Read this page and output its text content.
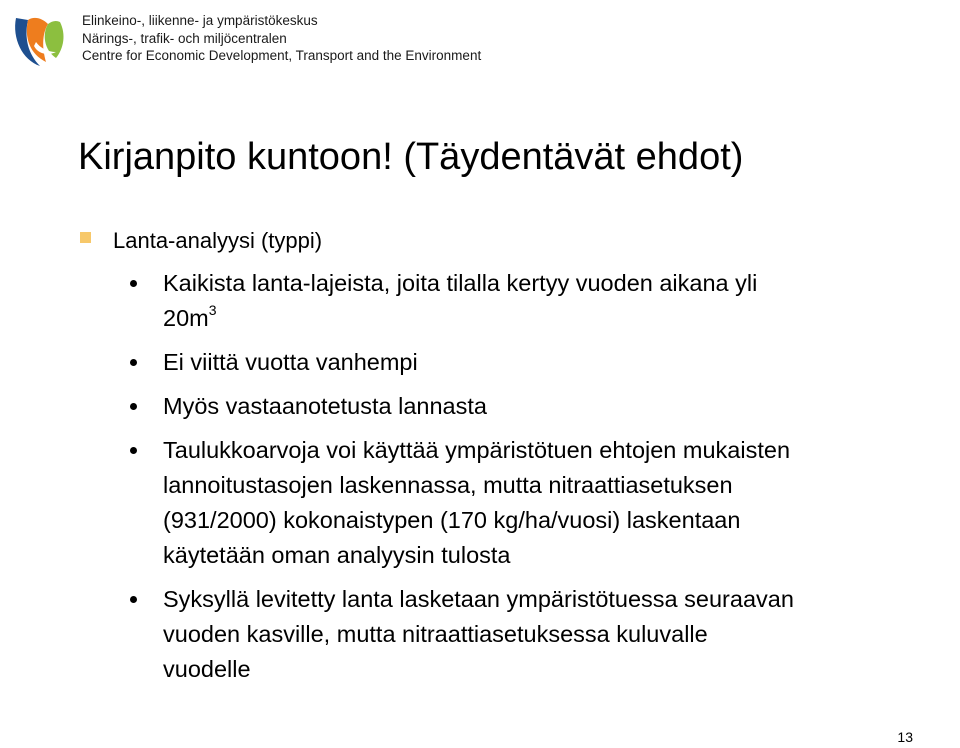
Elinkeino-, liikenne- ja ympäristökeskus
Närings-, trafik- och miljöcentralen
Centre for Economic Development, Transport and the Environment
Kirjanpito kuntoon! (Täydentävät ehdot)
Lanta-analyysi (typpi)
Kaikista lanta-lajeista, joita tilalla kertyy vuoden aikana yli
$20m^3$
Ei viittä vuotta vanhempi
Myös vastaanotetusta lannasta
Taulukkoarvoja voi käyttää ympäristötuen ehtojen mukaisten
lannoitustasojen laskennassa, mutta nitraattiasetuksen
(931/2000) kokonaistypen (170 kg/ha/vuosi) laskentaan
käytetään oman analyysin tulosta
Syksyllä levitetty lanta lasketaan ympäristötuessa seuraavan
vuoden kasville, mutta nitraattiasetuksessa kuluvalle
vuodelle
13
